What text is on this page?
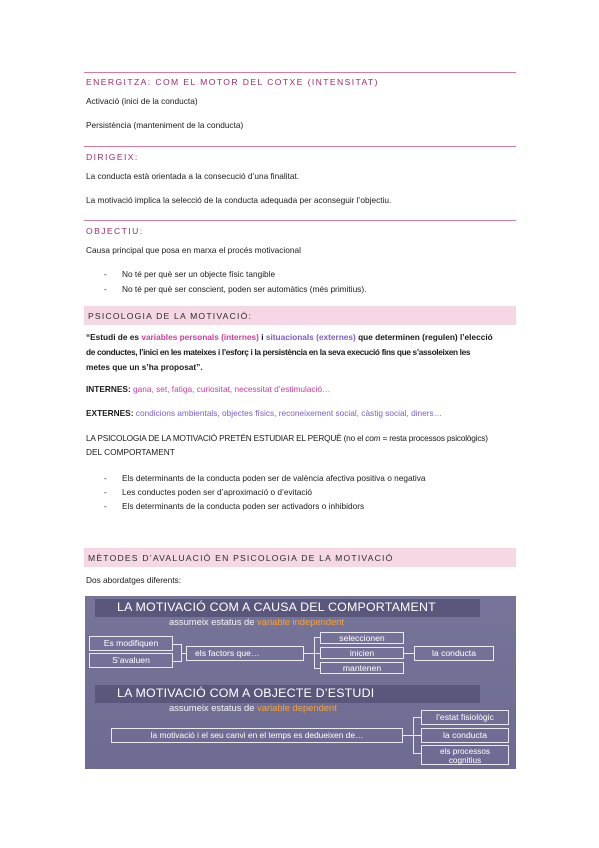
ENERGITZA: COM EL MOTOR DEL COTXE (INTENSITAT)
Activació (inici de la conducta)
Persistència (manteniment de la conducta)
DIRIGEIX:
La conducta està orientada a la consecució d’una finalitat.
La motivació implica la selecció de la conducta adequada per aconseguir l’objectiu.
OBJECTIU:
Causa principal que posa en marxa el procés motivacional
- No té per què ser un objecte físic tangible
- No té per què ser conscient, poden ser automàtics (més primitius).
PSICOLOGIA DE LA MOTIVACIÓ:
“Estudi de es variables personals (internes) i situacionals (externes) que determinen (regulen) l’elecció
de conductes, l’inici en les mateixes i l’esforç i la persistència en la seva execució fins que s’assoleixen les
metes que un s’ha proposat”.
INTERNES: gana, set, fatiga, curiositat, necessitat d’estimulació…
EXTERNES: condicions ambientals, objectes físics, reconeixement social, càstig social, diners…
LA PSICOLOGIA DE LA MOTIVACIÓ PRETÉN ESTUDIAR EL PERQUÈ (no el com = resta processos psicològics)
DEL COMPORTAMENT
- Els determinants de la conducta poden ser de valència afectiva positiva o negativa
- Les conductes poden ser d’aproximació o d’evitació
- Els determinants de la conducta poden ser activadors o inhibidors
MÈTODES D’AVALUACIÓ EN PSICOLOGIA DE LA MOTIVACIÓ
Dos abordatges diferents:
LA MOTIVACIÓ COM A CAUSA DEL COMPORTAMENT
assumeix estatus de variable independent
Es modifiquen
S’avaluen
els factors que…
seleccionen
inicien
mantenen
la conducta
LA MOTIVACIÓ COM A OBJECTE D’ESTUDI
assumeix estatus de variable dependent
la motivació i el seu canvi en el temps es dedueixen de…
l’estat fisiològic
la conducta
els processos cognitius
